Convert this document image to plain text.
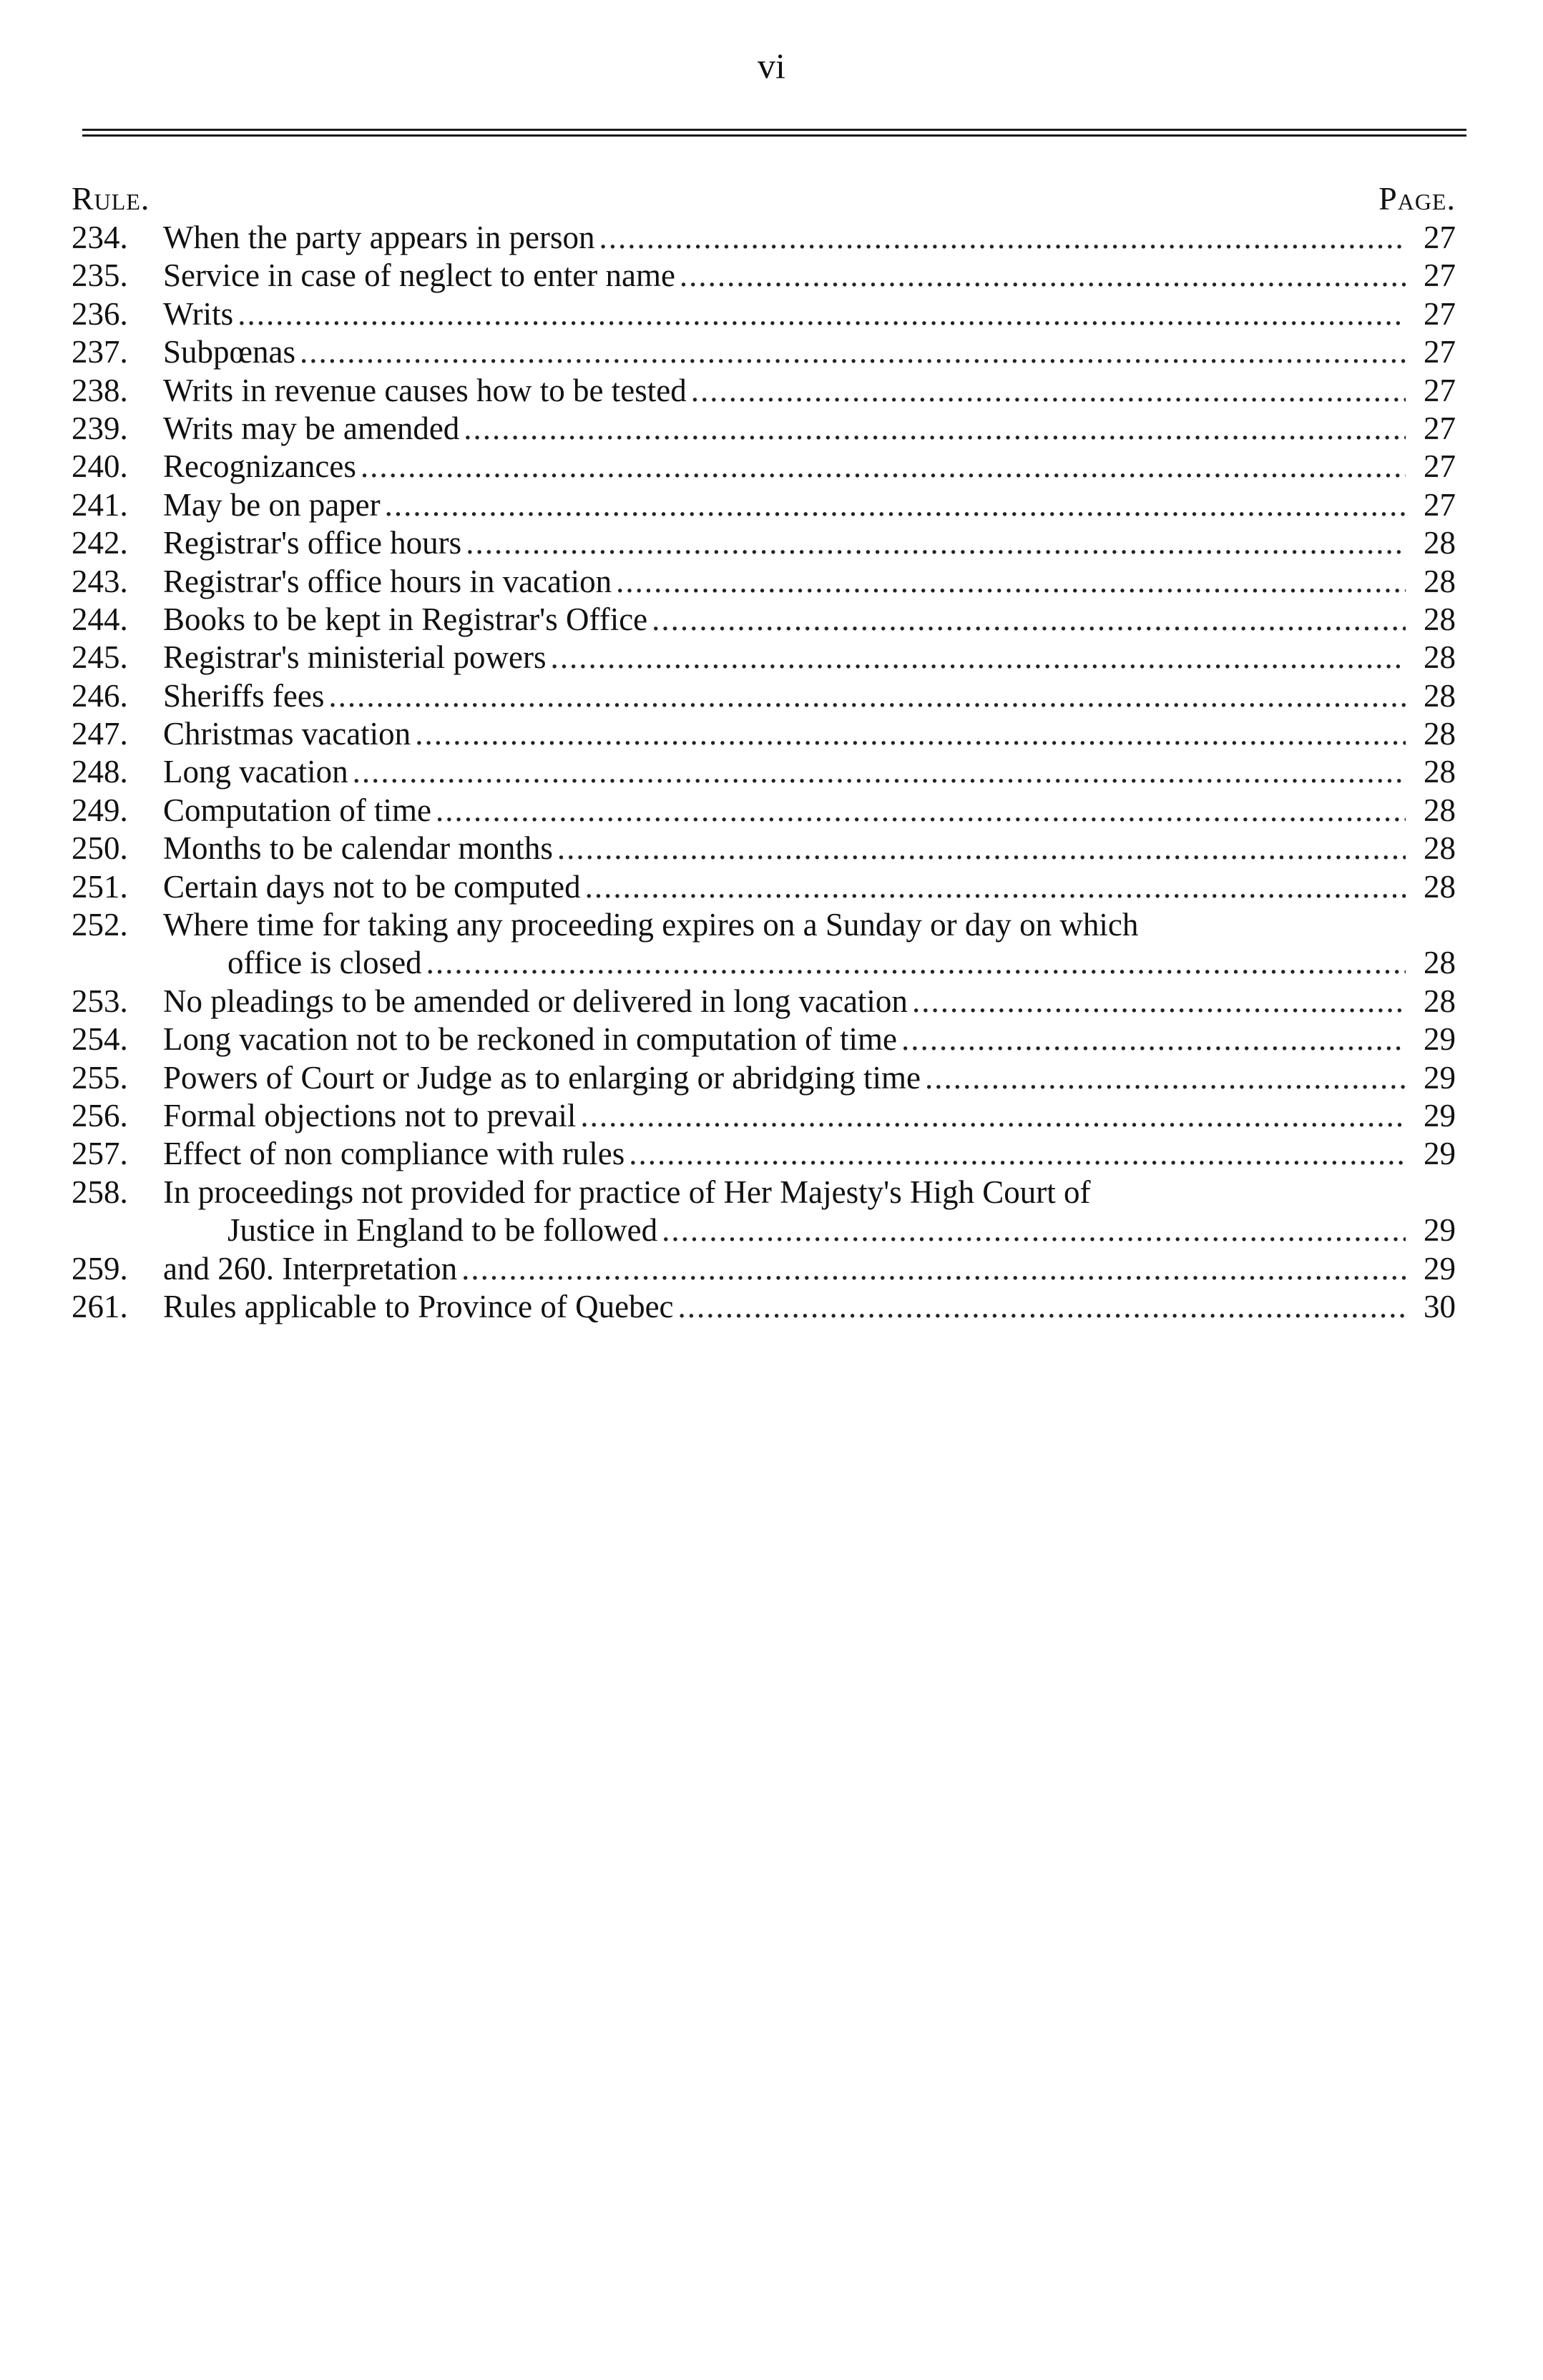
vi
Rule.	Page.
234.	When the party appears in person .....	27
235.	Service in case of neglect to enter name .....	27
236.	Writs .....	27
237.	Subpœnas .....	27
238.	Writs in revenue causes how to be tested .....	27
239.	Writs may be amended .....	27
240.	Recognizances .....	27
241.	May be on paper .....	27
242.	Registrar's office hours .....	28
243.	Registrar's office hours in vacation .....	28
244.	Books to be kept in Registrar's Office .....	28
245.	Registrar's ministerial powers .....	28
246.	Sheriffs fees .....	28
247.	Christmas vacation .....	28
248.	Long vacation .....	28
249.	Computation of time .....	28
250.	Months to be calendar months .....	28
251.	Certain days not to be computed .....	28
252.	Where time for taking any proceeding expires on a Sunday or day on which
office is closed .....	28
253.	No pleadings to be amended or delivered in long vacation .....	28
254.	Long vacation not to be reckoned in computation of time .....	29
255.	Powers of Court or Judge as to enlarging or abridging time .....	29
256.	Formal objections not to prevail .....	29
257.	Effect of non compliance with rules .....	29
258.	In proceedings not provided for practice of Her Majesty's High Court of
Justice in England to be followed .....	29
259.	and 260. Interpretation .....	29
261.	Rules applicable to Province of Quebec .....	30
